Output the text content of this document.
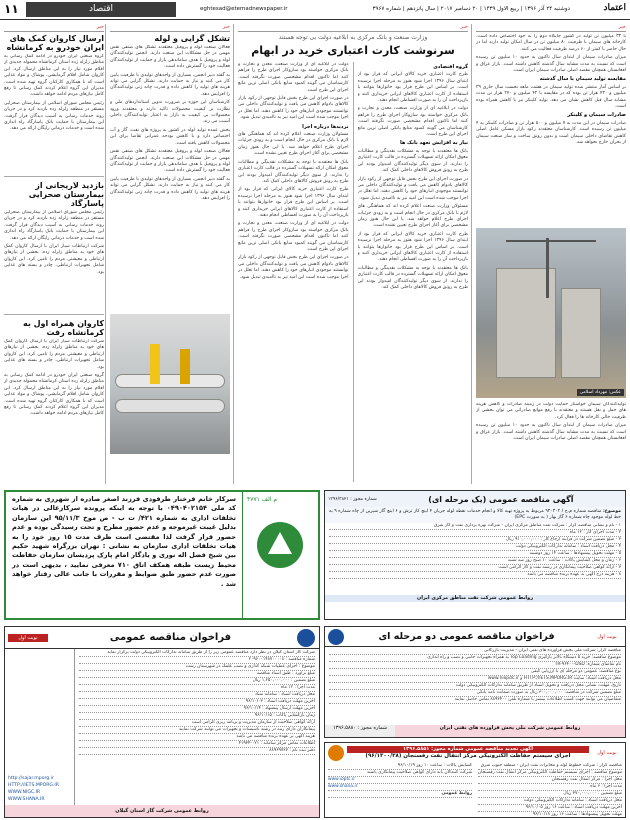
١١	اقتصاد	eghtesad@etemadnewspaper.ir	دوشنبه ۲۴ آذر ۱۳۹۶ | ربیع الاول ۱۴۳۹ | ۲۰ دسامبر ۲۰۱۷ | سال پانزدهم | شماره ۳۹۶۷	اعتماد
خبر

با ۳۳ میلیون تن تولید در کشور جایگاه دوم را به خود اختصاص داده است. کارخانه های سیمان با ظرفیت ۸۰ میلیون تن در سال امکان تولید دارند اما در حال حاضر با کمتر از ۶۰ درصد ظرفیت فعالیت می کنند.

میزان صادرات سیمان از ابتدای سال تاکنون به حدود ۱۰ میلیون تن رسیده است که نسبت به مدت مشابه سال گذشته کاهش داشته است. بازار عراق و افغانستان همچنان مقصد اصلی صادرات سیمان ایران است.

مقایسه تولید سیمان با سال گذشته

بر اساس آمار منتشر شده تولید سیمان در هشت ماهه نخست سال جاری ۳۹ میلیون و ۴۳۰ هزار تن بوده که در مقایسه با ۴۲ میلیون و ۲۷۰ هزار تن مدت مشابه سال قبل کاهش نشان می دهد. تولید کلینکر نیز با کاهش همراه بوده است.

صادرات سیمان و کلینکر

صادرات سیمان در این مدت به ۷ میلیون و ۵۰۰ هزار تن و صادرات کلینکر به ۴ میلیون تن رسیده است. کارشناسان معتقدند رکود بازار مسکن عامل اصلی کاهش تقاضای داخلی سیمان است و بدون رونق ساخت و ساز صنعت سیمان از بحران خارج نخواهد شد.

عکس: مهرداد اسلامی

تولیدکنندگان سیمان خواستار حمایت دولت در زمینه صادرات و کاهش هزینه های حمل و نقل هستند و معتقدند با رفع موانع صادراتی می توان بخشی از ظرفیت خالی کارخانه ها را فعال کرد.

میزان صادرات سیمان از ابتدای سال تاکنون به حدود ۱۰ میلیون تن رسیده است که نسبت به مدت مشابه سال گذشته کاهش داشته است. بازار عراق و افغانستان همچنان مقصد اصلی صادرات سیمان ایران است.

خبر
وزارت صنعت و بانک مرکزی به ابلاغیه دولت بی توجه هستند
سرنوشت کارت اعتباری خرید در ابهام
گروه اقتصادی

طرح کارت اعتباری خرید کالای ایرانی که قرار بود از ابتدای سال ۱۳۹۶ اجرا شود هنوز به مرحله اجرا نرسیده است. بر اساس این طرح قرار بود خانوارها بتوانند با استفاده از کارت اعتباری کالاهای ایرانی خریداری کنند و بازپرداخت آن را به صورت اقساطی انجام دهند.

دولت در ابلاغیه ای از وزارت صنعت، معدن و تجارت و بانک مرکزی خواسته بود سازوکار اجرای طرح را فراهم کنند اما تاکنون اقدام مشخصی صورت نگرفته است. کارشناسان می گویند کمبود منابع بانکی اصلی ترین مانع اجرای این طرح است.

نیاز به افزایش تعهد بانک ها

بانک ها معتقدند با توجه به مشکلات نقدینگی و مطالبات معوق امکان ارائه تسهیلات گسترده در قالب کارت اعتباری را ندارند. از سوی دیگر تولیدکنندگان امیدوار بودند این طرح به رونق فروش کالاهای داخلی کمک کند.

در صورت اجرای این طرح بخش قابل توجهی از رکود بازار کالاهای بادوام کاهش می یافت و تولیدکنندگان داخلی می توانستند موجودی انبارهای خود را کاهش دهند. اما تعلل در اجرا موجب شده است این امید نیز به ناامیدی تبدیل شود.

مسئولان وزارت صنعت اعلام کرده اند که هماهنگی های لازم با بانک مرکزی در حال انجام است و به زودی جزئیات اجرای طرح اعلام خواهد شد. با این حال هنوز زمان مشخصی برای آغاز اجرای طرح تعیین نشده است.

طرح کارت اعتباری خرید کالای ایرانی که قرار بود از ابتدای سال ۱۳۹۶ اجرا شود هنوز به مرحله اجرا نرسیده است. بر اساس این طرح قرار بود خانوارها بتوانند با استفاده از کارت اعتباری کالاهای ایرانی خریداری کنند و بازپرداخت آن را به صورت اقساطی انجام دهند.

بانک ها معتقدند با توجه به مشکلات نقدینگی و مطالبات معوق امکان ارائه تسهیلات گسترده در قالب کارت اعتباری را ندارند. از سوی دیگر تولیدکنندگان امیدوار بودند این طرح به رونق فروش کالاهای داخلی کمک کند.

دولت در ابلاغیه ای از وزارت صنعت، معدن و تجارت و بانک مرکزی خواسته بود سازوکار اجرای طرح را فراهم کنند اما تاکنون اقدام مشخصی صورت نگرفته است. کارشناسان می گویند کمبود منابع بانکی اصلی ترین مانع اجرای این طرح است.

در صورت اجرای این طرح بخش قابل توجهی از رکود بازار کالاهای بادوام کاهش می یافت و تولیدکنندگان داخلی می توانستند موجودی انبارهای خود را کاهش دهند. اما تعلل در اجرا موجب شده است این امید نیز به ناامیدی تبدیل شود.

تردیدها درباره اجرا

مسئولان وزارت صنعت اعلام کرده اند که هماهنگی های لازم با بانک مرکزی در حال انجام است و به زودی جزئیات اجرای طرح اعلام خواهد شد. با این حال هنوز زمان مشخصی برای آغاز اجرای طرح تعیین نشده است.

بانک ها معتقدند با توجه به مشکلات نقدینگی و مطالبات معوق امکان ارائه تسهیلات گسترده در قالب کارت اعتباری را ندارند. از سوی دیگر تولیدکنندگان امیدوار بودند این طرح به رونق فروش کالاهای داخلی کمک کند.

طرح کارت اعتباری خرید کالای ایرانی که قرار بود از ابتدای سال ۱۳۹۶ اجرا شود هنوز به مرحله اجرا نرسیده است. بر اساس این طرح قرار بود خانوارها بتوانند با استفاده از کارت اعتباری کالاهای ایرانی خریداری کنند و بازپرداخت آن را به صورت اقساطی انجام دهند.

دولت در ابلاغیه ای از وزارت صنعت، معدن و تجارت و بانک مرکزی خواسته بود سازوکار اجرای طرح را فراهم کنند اما تاکنون اقدام مشخصی صورت نگرفته است. کارشناسان می گویند کمبود منابع بانکی اصلی ترین مانع اجرای این طرح است.

در صورت اجرای این طرح بخش قابل توجهی از رکود بازار کالاهای بادوام کاهش می یافت و تولیدکنندگان داخلی می توانستند موجودی انبارهای خود را کاهش دهند. اما تعلل در اجرا موجب شده است این امید نیز به ناامیدی تبدیل شود.

خبر
تشکل گرایی و لوله

فعالان صنعت لوله و پروفیل معتقدند تشکل های صنفی نقش مهمی در حل مشکلات این صنعت دارند. انجمن تولیدکنندگان لوله و پروفیل با هدف ساماندهی بازار و حمایت از تولیدکنندگان فعالیت خود را گسترش داده است.

به گفته دبیر انجمن، بسیاری از واحدهای تولیدی با ظرفیت پایین کار می کنند و نیاز به حمایت دارند. تشکل گرایی می تواند هزینه های تولید را کاهش داده و قدرت چانه زنی تولیدکنندگان را افزایش دهد.

کارشناسان این حوزه بر ضرورت تدوین استانداردهای ملی و نظارت بر کیفیت محصولات تاکید دارند و معتقدند ورود محصولات بی کیفیت به بازار به اعتبار تولیدکنندگان داخلی آسیب می زند.

بخش عمده تولید لوله در کشور به پروژه های نفت، گاز و آب اختصاص دارد و با کاهش بودجه عمرانی تقاضا برای این محصولات کاهش یافته است.

فعالان صنعت لوله و پروفیل معتقدند تشکل های صنفی نقش مهمی در حل مشکلات این صنعت دارند. انجمن تولیدکنندگان لوله و پروفیل با هدف ساماندهی بازار و حمایت از تولیدکنندگان فعالیت خود را گسترش داده است.

به گفته دبیر انجمن، بسیاری از واحدهای تولیدی با ظرفیت پایین کار می کنند و نیاز به حمایت دارند. تشکل گرایی می تواند هزینه های تولید را کاهش داده و قدرت چانه زنی تولیدکنندگان را افزایش دهد.

خبر
ارسال کاروان کمک های ایران خودرو به کرمانشاه

گروه صنعتی ایران خودرو در ادامه کمک رسانی به مناطق زلزله زده استان کرمانشاه محموله جدیدی از اقلام مورد نیاز را به این مناطق ارسال کرد. این کاروان شامل اقلام گرمایشی، پوشاک و مواد غذایی است که با همکاری کارکنان گروه تهیه شده است. مدیران این گروه اعلام کردند کمک رسانی تا رفع کامل نیازهای مردم ادامه خواهد داشت.

رئیس مجلس شورای اسلامی از بیمارستان صحرایی مستقر در منطقه زلزله زده بازدید کرد و در جریان روند خدمات رسانی به آسیب دیدگان قرار گرفت. این بیمارستان با حمایت بانک پاسارگاد راه اندازی شده است و خدمات درمانی رایگان ارائه می دهد.

بازدید لاریجانی از بیمارستان صحرایی پاسارگاد

رئیس مجلس شورای اسلامی از بیمارستان صحرایی مستقر در منطقه زلزله زده بازدید کرد و در جریان روند خدمات رسانی به آسیب دیدگان قرار گرفت. این بیمارستان با حمایت بانک پاسارگاد راه اندازی شده است و خدمات درمانی رایگان ارائه می دهد.

شرکت ارتباطات سیار ایران با ارسال کاروان کمک های خود به مناطق زلزله زده، بخشی از نیازهای ارتباطی و معیشتی مردم را تامین کرد. این کاروان شامل تجهیزات ارتباطی، چادر و بسته های غذایی بود.

کاروان همراه اول به کرمانشاه رفت

شرکت ارتباطات سیار ایران با ارسال کاروان کمک های خود به مناطق زلزله زده، بخشی از نیازهای ارتباطی و معیشتی مردم را تامین کرد. این کاروان شامل تجهیزات ارتباطی، چادر و بسته های غذایی بود.

گروه صنعتی ایران خودرو در ادامه کمک رسانی به مناطق زلزله زده استان کرمانشاه محموله جدیدی از اقلام مورد نیاز را به این مناطق ارسال کرد. این کاروان شامل اقلام گرمایشی، پوشاک و مواد غذایی است که با همکاری کارکنان گروه تهیه شده است. مدیران این گروه اعلام کردند کمک رسانی تا رفع کامل نیازهای مردم ادامه خواهد داشت.

م الف ۴۷۷۱
سرکار خانم فرخنار طرفودی فرزند اصغر صادره از شهرری به شماره کد ملی ۰۴۹۰۴۰۲۱۵۴ با توجه به اینکه پرونده سرکارعالی در هیات تخلفات اداری به شماره ۴۲۱/ ت ب - ص موخ ۹۵/۱۱/۳ این سازمان بدلیل غیبت غیرموجه و عدم حضور مطرح و تحت رسیدگی بوده و عدم حضور قرار گرفت لذا مقتضی است ظرف مدت ۱۵ روز خود را به هیات تخلفات اداری سازمان به نشانی : تهران بزرگراه شهید حکیم بین شیخ فضل اله نوری و یادگار امام پارک پردیسان سازمان حفاظت محیط زیست طبقه همکف اتاق ۷۱۰ معرفی نمایید ، بدیهی است در صورت عدم حضور طبق ضوابط و مقررات با جانب عالی رفتار خواهد شد .
آگهی مناقصه عمومی (یک مرحله ای)
شماره مجوز : ۱۳۹۶/۳۸۲۱
موضوع: مناقصه شماره م.ج / ۹۳۰۳۰۲ مربوط به پروژه تهیه کالا و انجام خدمات نقطه لوله جریان ۴ اینچ کاز ترش و ۶ اینچ گاز شیرین از چاه شماره ۹ به خط لوله موجود چاه شماره ۶ گاز بهار ( به صورت EPC)
۱ - نام و نشانی مناقصه گزار : شرکت نفت مناطق مرکزی ایران - شرکت بهره برداری نفت و گاز شرق
۲ - مدت اجرای کار : ۱۲ ماه
۳ - مبلغ تضمین شرکت در فرآیند ارجاع کار : ۹۱۰,۰۰۰,۰۰۰ ریال
۴ - محل دریافت اسناد : سامانه تدارکات الکترونیکی دولت
۵ - مهلت تحویل پیشنهادها : ساعت ۱۴ روز دوشنبه
۶ - زمان و محل گشایش پاکات : ساعت ۱۰ صبح روز سه شنبه
۷ - ارائه گواهی صلاحیت پیمانکاری در رشته نفت و گاز الزامی است
۸ - هزینه درج آگهی به عهده برنده مناقصه می باشد
روابط عمومی شرکت نفت مناطق مرکزی ایران
نوبت اول
فراخوان مناقصه عمومی دو مرحله ای
مناقصه گزار: شرکت ملی پخش فرآورده های نفتی ایران - مدیریت بازرگانی
موضوع مناقصه: خرید ۵ دستگاه بالابر بازگیری Top Loading به همراه تجهیزات جانبی و نصب و راه اندازی
نام تقاضای شماره: TR-۹۶۴۰۰-DSD
نوع مناقصه: عمومی دو مرحله ای با ارزیابی کیفی
محل دریافت اسناد: سایت HTTP://IETS.MPORG.IR و www.niopdc.ir
تاریخ، مهلت، نشانی محل دریافت و تحویل اسناد از طریق سامانه تدارکات الکترونیکی دولت
مبلغ تضمین شرکت در مناقصه: ۳۰۰,۰۰۰,۰۰۰ ریال به صورت ضمانت نامه بانکی
متقاضیان می توانند جهت کسب اطلاعات بیشتر با شماره تلفن ۸۸۹۳۴۰۰ تماس حاصل نمایند
روابط عمومی شرکت ملی پخش فرآورده های نفتی ایران
شماره مجوز : ۱۳۹۶.۵۸۸۰
نوبت اول
آگهی تجدید مناقصه عمومی شماره مجوز: ۱۳۹۶.۵۸۵۱
اجرای سیستم حفاظت الکترونیکی مرکز انتقال نفت رفسنجان (۹۶/۱۳۰۰/۳۸)
مناقصه گزار : شرکت خطوط لوله و مخابرات نفت ایران - منطقه جنوب شرق
موضوع مناقصه : اجرای سیستم حفاظت الکترونیکی مرکز انتقال نفت رفسنجان
محل اجرا : مرکز انتقال نفت رفسنجان
مدت اجرا : ۶ ماه
مبلغ تضمین : ۳۷۰,۰۰۰,۰۰۰ ریال
محل دریافت اسناد : سامانه تدارکات الکترونیکی دولت
آخرین مهلت دریافت اسناد : ساعت ۱۶ روز ۹۶/۱۰/۰۵
مهلت تحویل پیشنهادها : ساعت ۱۶ روز ۹۶/۱۰/۱۸
گشایش پاکات : ساعت ۱۰ روز ۹۶/۱۰/۱۹
شرکت کنندگان باید دارای گواهی صلاحیت پیمانکاری باشند
www.ioptc.ir
www.shana.ir
روابط عمومی
فراخوان مناقصه عمومی
نوبت اول
شرکت گاز استان گیلان در نظر دارد مناقصه عمومی زیر را از طریق سامانه تدارکات الکترونیکی دولت برگزار نماید
شماره مناقصه : ۲۰۹۶۰۰۱۴۸۷۰۰۰۰۸
موضوع : اجرای عملیات شبکه گذاری و نصب علمک در شهرستان رشت
مبلغ برآورد : طبق اسناد مناقصه
مبلغ تضمین : ۱,۲۵۰,۰۰۰,۰۰۰ ریال
مدت اجرا : ۱۲ ماه
محل دریافت اسناد : سامانه ستاد
آخرین مهلت دریافت اسناد : ۹۶/۱۰/۰۳
آخرین مهلت ارسال پیشنهاد : ۹۶/۱۰/۱۴
زمان بازگشایی پاکات : ۹۶/۱۰/۱۵
ارائه گواهی صلاحیت از سازمان مدیریت و برنامه ریزی الزامی است
پیمانکاران دارای رتبه در رشته تاسیسات و تجهیزات می توانند شرکت نمایند
هزینه آگهی بر عهده برنده مناقصه می باشد
اطلاعات تماس مرکز سامانه : ۰۲۱-۴۱۹۳۴
دفتر ثبت نام : ۸۸۹۶۹۷۳۷
http://sajar.mporg.ir
HTTP://IETS.MPORG.IR
WWW.NIGC.IR
WWW.SHANA.IR
روابط عمومی شرکت گاز استان گیلان
